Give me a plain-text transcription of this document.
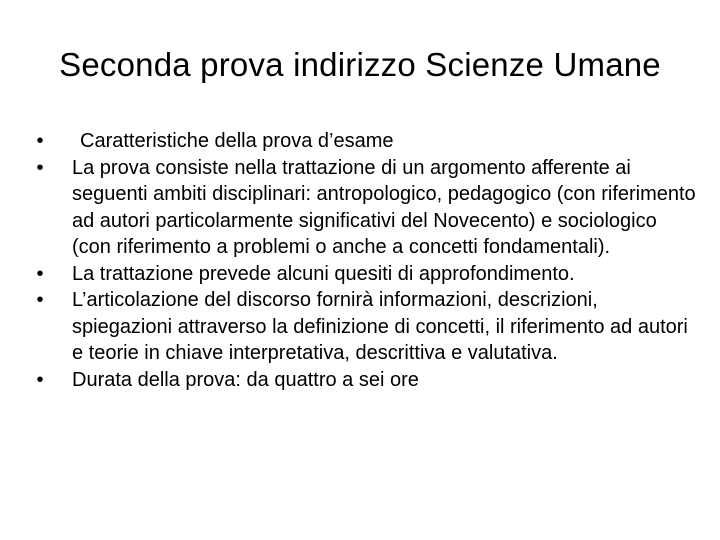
Seconda prova indirizzo Scienze Umane
•	Caratteristiche della prova d’esame
•	La prova consiste nella trattazione di un argomento afferente ai seguenti ambiti disciplinari: antropologico, pedagogico (con riferimento ad autori particolarmente significativi del Novecento) e sociologico (con riferimento a problemi o anche a concetti fondamentali).
•	La trattazione prevede alcuni quesiti di approfondimento.
•	L’articolazione del discorso fornirà informazioni, descrizioni, spiegazioni attraverso la definizione di concetti, il riferimento ad autori e teorie in chiave interpretativa, descrittiva e valutativa.
•	Durata della prova: da quattro a sei ore
